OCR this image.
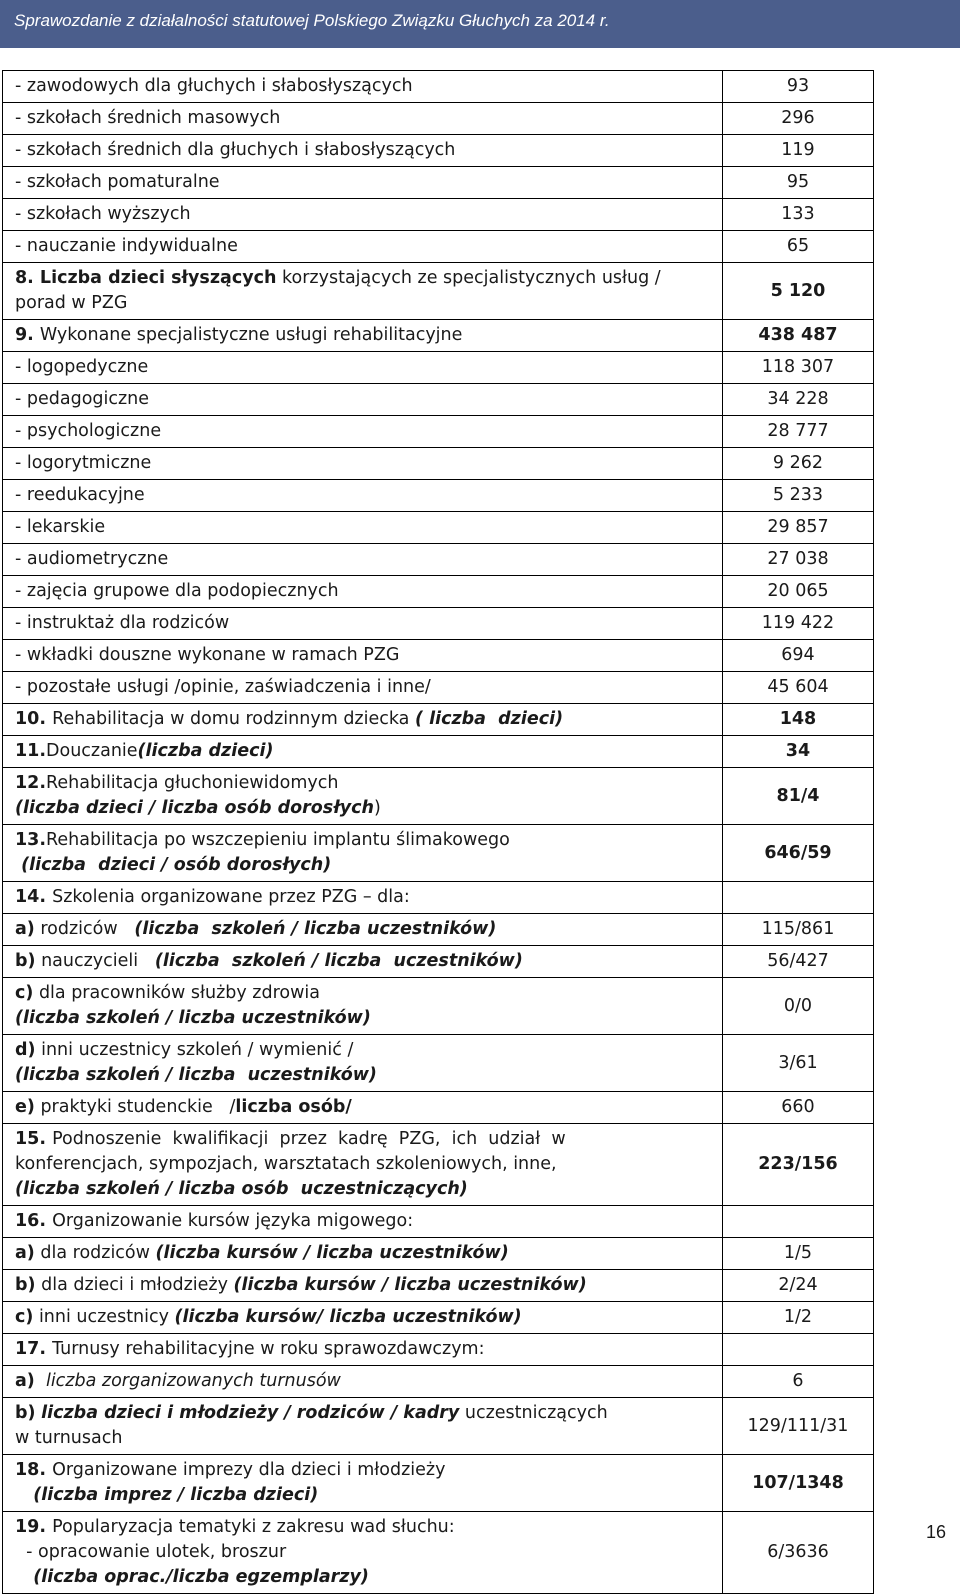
Sprawozdanie z działalności statutowej Polskiego Związku Głuchych za 2014 r.
- zawodowych dla głuchych i słabosłyszących	93
- szkołach średnich masowych	296
- szkołach średnich dla głuchych i słabosłyszących	119
- szkołach pomaturalne	95
- szkołach wyższych	133
- nauczanie indywidualne	65
8. Liczba dzieci słyszących korzystających ze specjalistycznych usług /
porad w PZG	5 120
9. Wykonane specjalistyczne usługi rehabilitacyjne	438 487
- logopedyczne	118 307
- pedagogiczne	34 228
- psychologiczne	28 777
- logorytmiczne	9 262
- reedukacyjne	5 233
- lekarskie	29 857
- audiometryczne	27 038
- zajęcia grupowe dla podopiecznych	20 065
- instruktaż dla rodziców	119 422
- wkładki douszne wykonane w ramach PZG	694
- pozostałe usługi /opinie, zaświadczenia i inne/	45 604
10. Rehabilitacja w domu rodzinnym dziecka ( liczba  dzieci)	148
11.Douczanie(liczba dzieci)	34
12.Rehabilitacja głuchoniewidomych
(liczba dzieci / liczba osób dorosłych)	81/4
13.Rehabilitacja po wszczepieniu implantu ślimakowego
(liczba  dzieci / osób dorosłych)	646/59
14. Szkolenia organizowane przez PZG – dla:	
a) rodziców   (liczba  szkoleń / liczba uczestników)	115/861
b) nauczycieli   (liczba  szkoleń / liczba  uczestników)	56/427
c) dla pracowników służby zdrowia
(liczba szkoleń / liczba uczestników)	0/0
d) inni uczestnicy szkoleń / wymienić /
(liczba szkoleń / liczba  uczestników)	3/61
e) praktyki studenckie   /liczba osób/	660
15. Podnoszenie  kwalifikacji  przez  kadrę  PZG,  ich  udział  w
konferencjach, sympozjach, warsztatach szkoleniowych, inne,
(liczba szkoleń / liczba osób  uczestniczących)	223/156
16. Organizowanie kursów języka migowego:	
a) dla rodziców (liczba kursów / liczba uczestników)	1/5
b) dla dzieci i młodzieży (liczba kursów / liczba uczestników)	2/24
c) inni uczestnicy (liczba kursów/ liczba uczestników)	1/2
17. Turnusy rehabilitacyjne w roku sprawozdawczym:	
a) liczba zorganizowanych turnusów	6
b) liczba dzieci i młodzieży / rodziców / kadry uczestniczących
w turnusach	129/111/31
18. Organizowane imprezy dla dzieci i młodzieży
(liczba imprez / liczba dzieci)	107/1348
19. Popularyzacja tematyki z zakresu wad słuchu:
- opracowanie ulotek, broszur
(liczba oprac./liczba egzemplarzy)	6/3636
16
